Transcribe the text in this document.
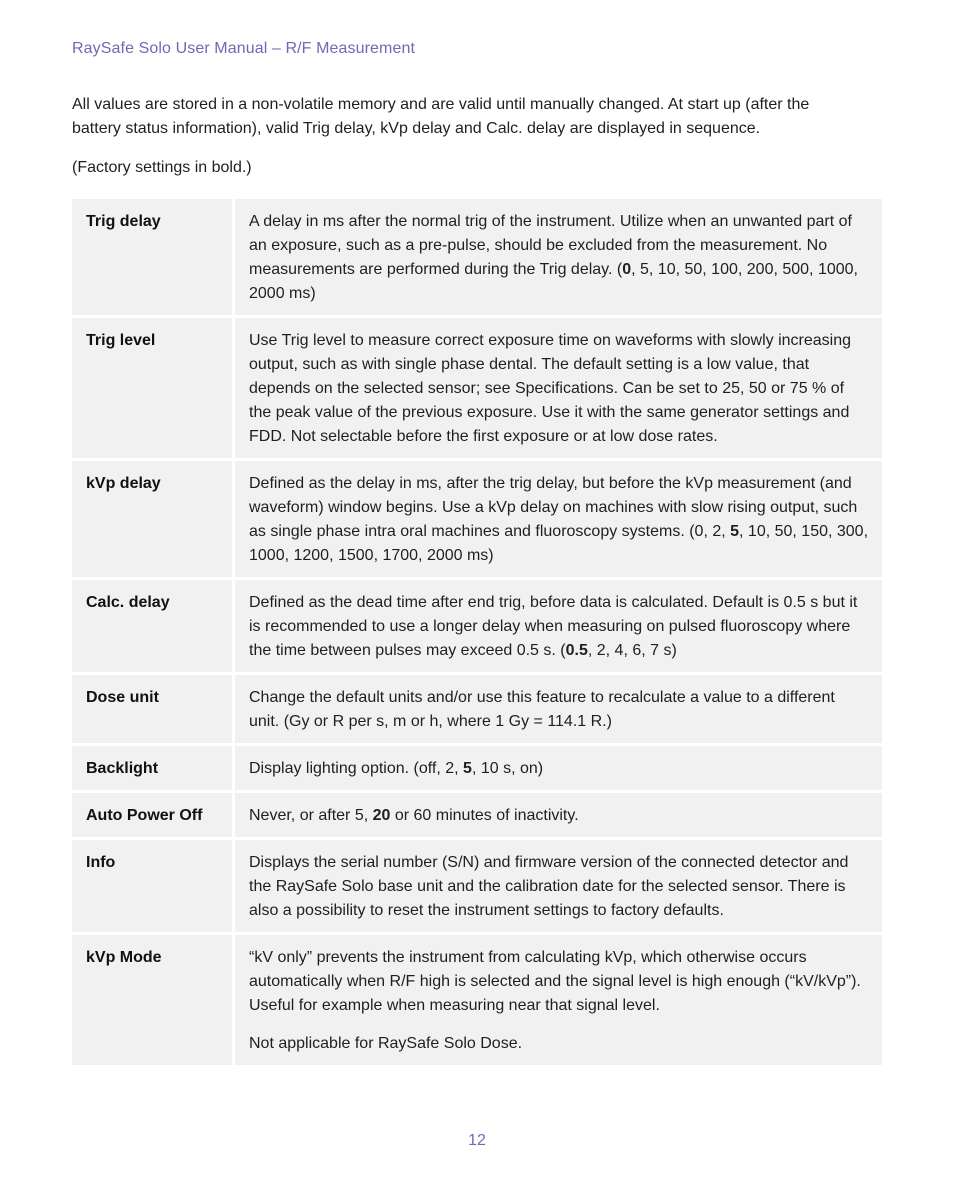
RaySafe Solo User Manual – R/F Measurement

All values are stored in a non-volatile memory and are valid until manually changed. At start up (after the battery status information), valid Trig delay, kVp delay and Calc. delay are displayed in sequence.

(Factory settings in bold.)

Trig delay	A delay in ms after the normal trig of the instrument. Utilize when an unwanted part of an exposure, such as a pre-pulse, should be excluded from the measurement. No measurements are performed during the Trig delay. (0, 5, 10, 50, 100, 200, 500, 1000, 2000 ms)

Trig level	Use Trig level to measure correct exposure time on waveforms with slowly increasing output, such as with single phase dental. The default setting is a low value, that depends on the selected sensor; see Specifications. Can be set to 25, 50 or 75 % of the peak value of the previous exposure. Use it with the same generator settings and FDD. Not selectable before the first exposure or at low dose rates.

kVp delay	Defined as the delay in ms, after the trig delay, but before the kVp measurement (and waveform) window begins. Use a kVp delay on machines with slow rising output, such as single phase intra oral machines and fluoroscopy systems. (0, 2, 5, 10, 50, 150, 300, 1000, 1200, 1500, 1700, 2000 ms)

Calc. delay	Defined as the dead time after end trig, before data is calculated. Default is 0.5 s but it is recommended to use a longer delay when measuring on pulsed fluoroscopy where the time between pulses may exceed 0.5 s. (0.5, 2, 4, 6, 7 s)

Dose unit	Change the default units and/or use this feature to recalculate a value to a different unit. (Gy or R per s, m or h, where 1 Gy = 114.1 R.)

Backlight	Display lighting option. (off, 2, 5, 10 s, on)

Auto Power Off	Never, or after 5, 20 or 60 minutes of inactivity.

Info	Displays the serial number (S/N) and firmware version of the connected detector and the RaySafe Solo base unit and the calibration date for the selected sensor. There is also a possibility to reset the instrument settings to factory defaults.

kVp Mode	“kV only” prevents the instrument from calculating kVp, which otherwise occurs automatically when R/F high is selected and the signal level is high enough (“kV/kVp”). Useful for example when measuring near that signal level.

Not applicable for RaySafe Solo Dose.

12
